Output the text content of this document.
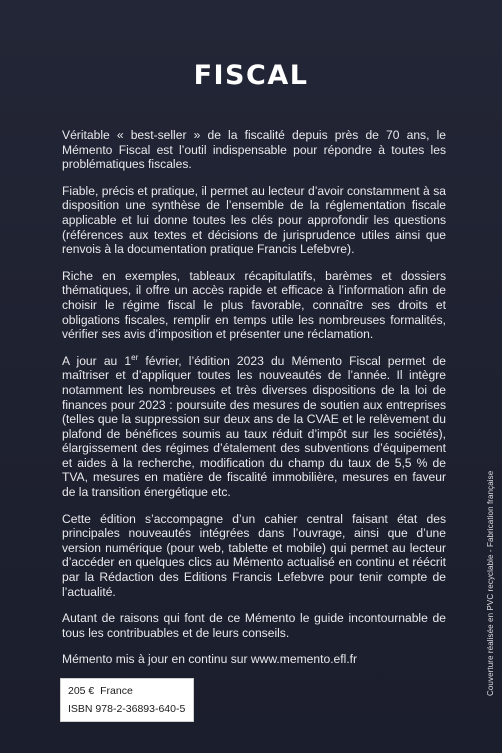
FISCAL

Véritable « best-seller » de la fiscalité depuis près de 70 ans, le Mémento Fiscal est l’outil indispensable pour répondre à toutes les problématiques fiscales.

Fiable, précis et pratique, il permet au lecteur d’avoir constamment à sa disposition une synthèse de l’ensemble de la réglementation fiscale applicable et lui donne toutes les clés pour approfondir les questions (références aux textes et décisions de jurisprudence utiles ainsi que renvois à la documentation pratique Francis Lefebvre).

Riche en exemples, tableaux récapitulatifs, barèmes et dossiers thématiques, il offre un accès rapide et efficace à l’information afin de choisir le régime fiscal le plus favorable, connaître ses droits et obligations fiscales, remplir en temps utile les nombreuses formalités, vérifier ses avis d’imposition et présenter une réclamation.

A jour au 1er février, l’édition 2023 du Mémento Fiscal permet de maîtriser et d’appliquer toutes les nouveautés de l’année. Il intègre notamment les nombreuses et très diverses dispositions de la loi de finances pour 2023 : poursuite des mesures de soutien aux entreprises (telles que la suppression sur deux ans de la CVAE et le relèvement du plafond de bénéfices soumis au taux réduit d’impôt sur les sociétés), élargissement des régimes d’étalement des subventions d’équipement et aides à la recherche, modification du champ du taux de 5,5 % de TVA, mesures en matière de fiscalité immobilière, mesures en faveur de la transition énergétique etc.

Cette édition s’accompagne d’un cahier central faisant état des principales nouveautés intégrées dans l’ouvrage, ainsi que d’une version numérique (pour web, tablette et mobile) qui permet au lecteur d’accéder en quelques clics au Mémento actualisé en continu et réécrit par la Rédaction des Editions Francis Lefebvre pour tenir compte de l’actualité.

Autant de raisons qui font de ce Mémento le guide incontournable de tous les contribuables et de leurs conseils.

Mémento mis à jour en continu sur www.memento.efl.fr	Couverture réalisée en PVC recyclable - Fabrication française
205 € France
ISBN 978-2-36893-640-5
